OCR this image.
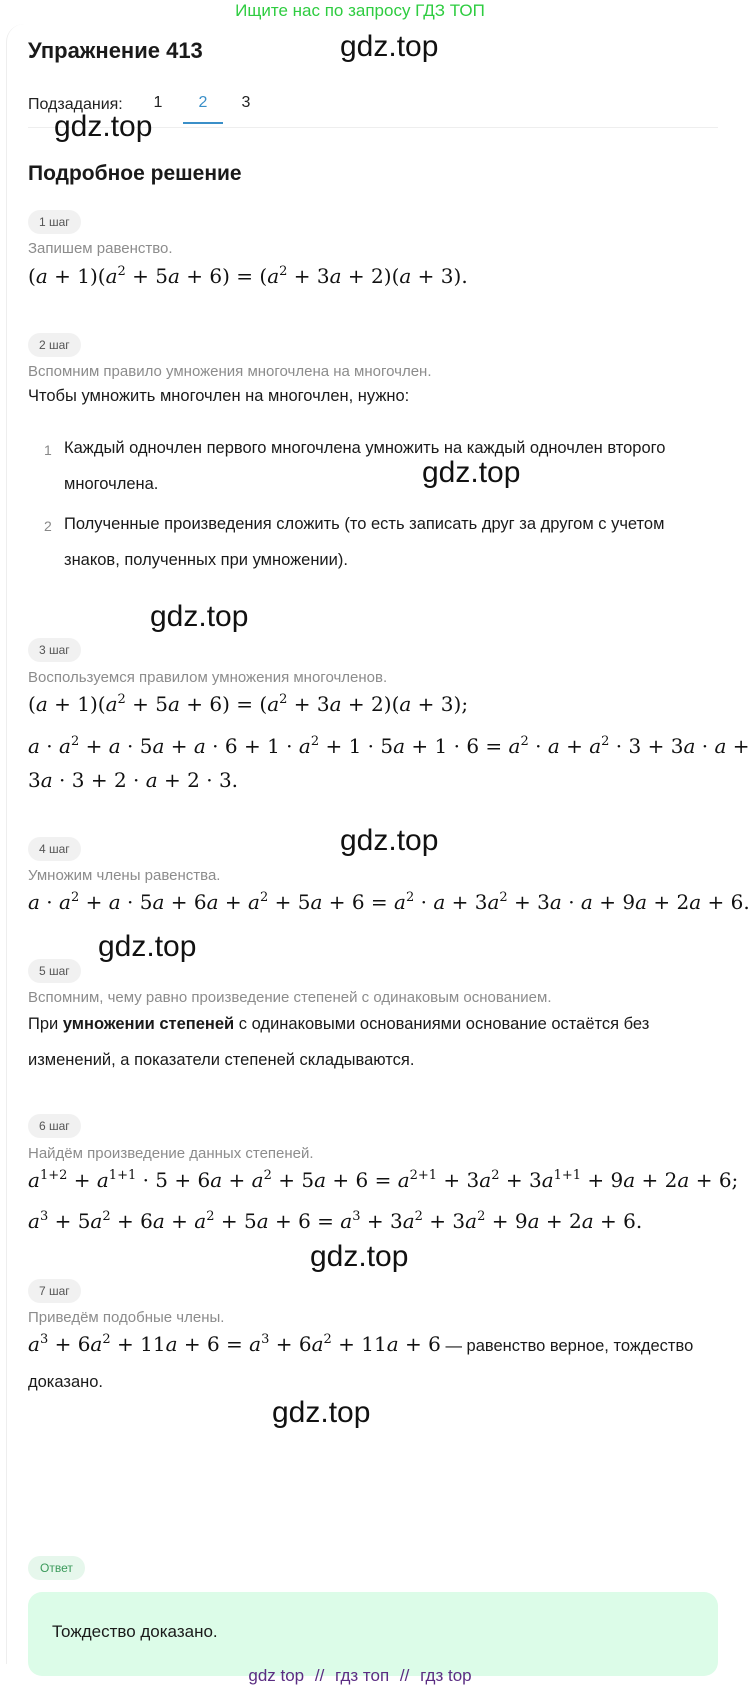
Ищите нас по запросу ГДЗ ТОП
Упражнение 413	gdz.top
Подзадания:	1	2	3
gdz.top
Подробное решение
1 шаг
Запишем равенство.
$(a + 1)(a^2 + 5a + 6) = (a^2 + 3a + 2)(a + 3)$.
2 шаг
Вспомним правило умножения многочлена на многочлен.
Чтобы умножить многочлен на многочлен, нужно:
1 Каждый одночлен первого многочлена умножить на каждый одночлен второго многочлена.	gdz.top
2 Полученные произведения сложить (то есть записать друг за другом с учетом знаков, полученных при умножении).
gdz.top
3 шаг
Воспользуемся правилом умножения многочленов.
$(a + 1)(a^2 + 5a + 6) = (a^2 + 3a + 2)(a + 3)$;
$a \cdot a^2 + a \cdot 5a + a \cdot 6 + 1 \cdot a^2 + 1 \cdot 5a + 1 \cdot 6 = a^2 \cdot a + a^2 \cdot 3 + 3a \cdot a$ +
3a · 3 + 2 · a + 2 · 3.
gdz.top
4 шаг
Умножим члены равенства.
$a \cdot a^2 + a \cdot 5a + 6a + a^2 + 5a + 6 = a^2 \cdot a + 3a^2 + 3a \cdot a + 9a + 2a + 6$.
gdz.top
5 шаг
Вспомним, чему равно произведение степеней с одинаковым основанием.
При умножении степеней с одинаковыми основаниями основание остаётся без изменений, а показатели степеней складываются.
6 шаг
Найдём произведение данных степеней.
$a^{1+2} + a^{1+1} \cdot 5 + 6a + a^2 + 5a + 6 = a^{2+1} + 3a^2 + 3a^{1+1} + 9a + 2a + 6$;
$a^3 + 5a^2 + 6a + a^2 + 5a + 6 = a^3 + 3a^2 + 3a^2 + 9a + 2a + 6$.
gdz.top
7 шаг
Приведём подобные члены.
$a^3 + 6a^2 + 11a + 6 = a^3 + 6a^2 + 11a + 6$ — равенство верное, тождество доказано.
gdz.top
Ответ
Тождество доказано.
gdz top // гдз топ // гдз top
